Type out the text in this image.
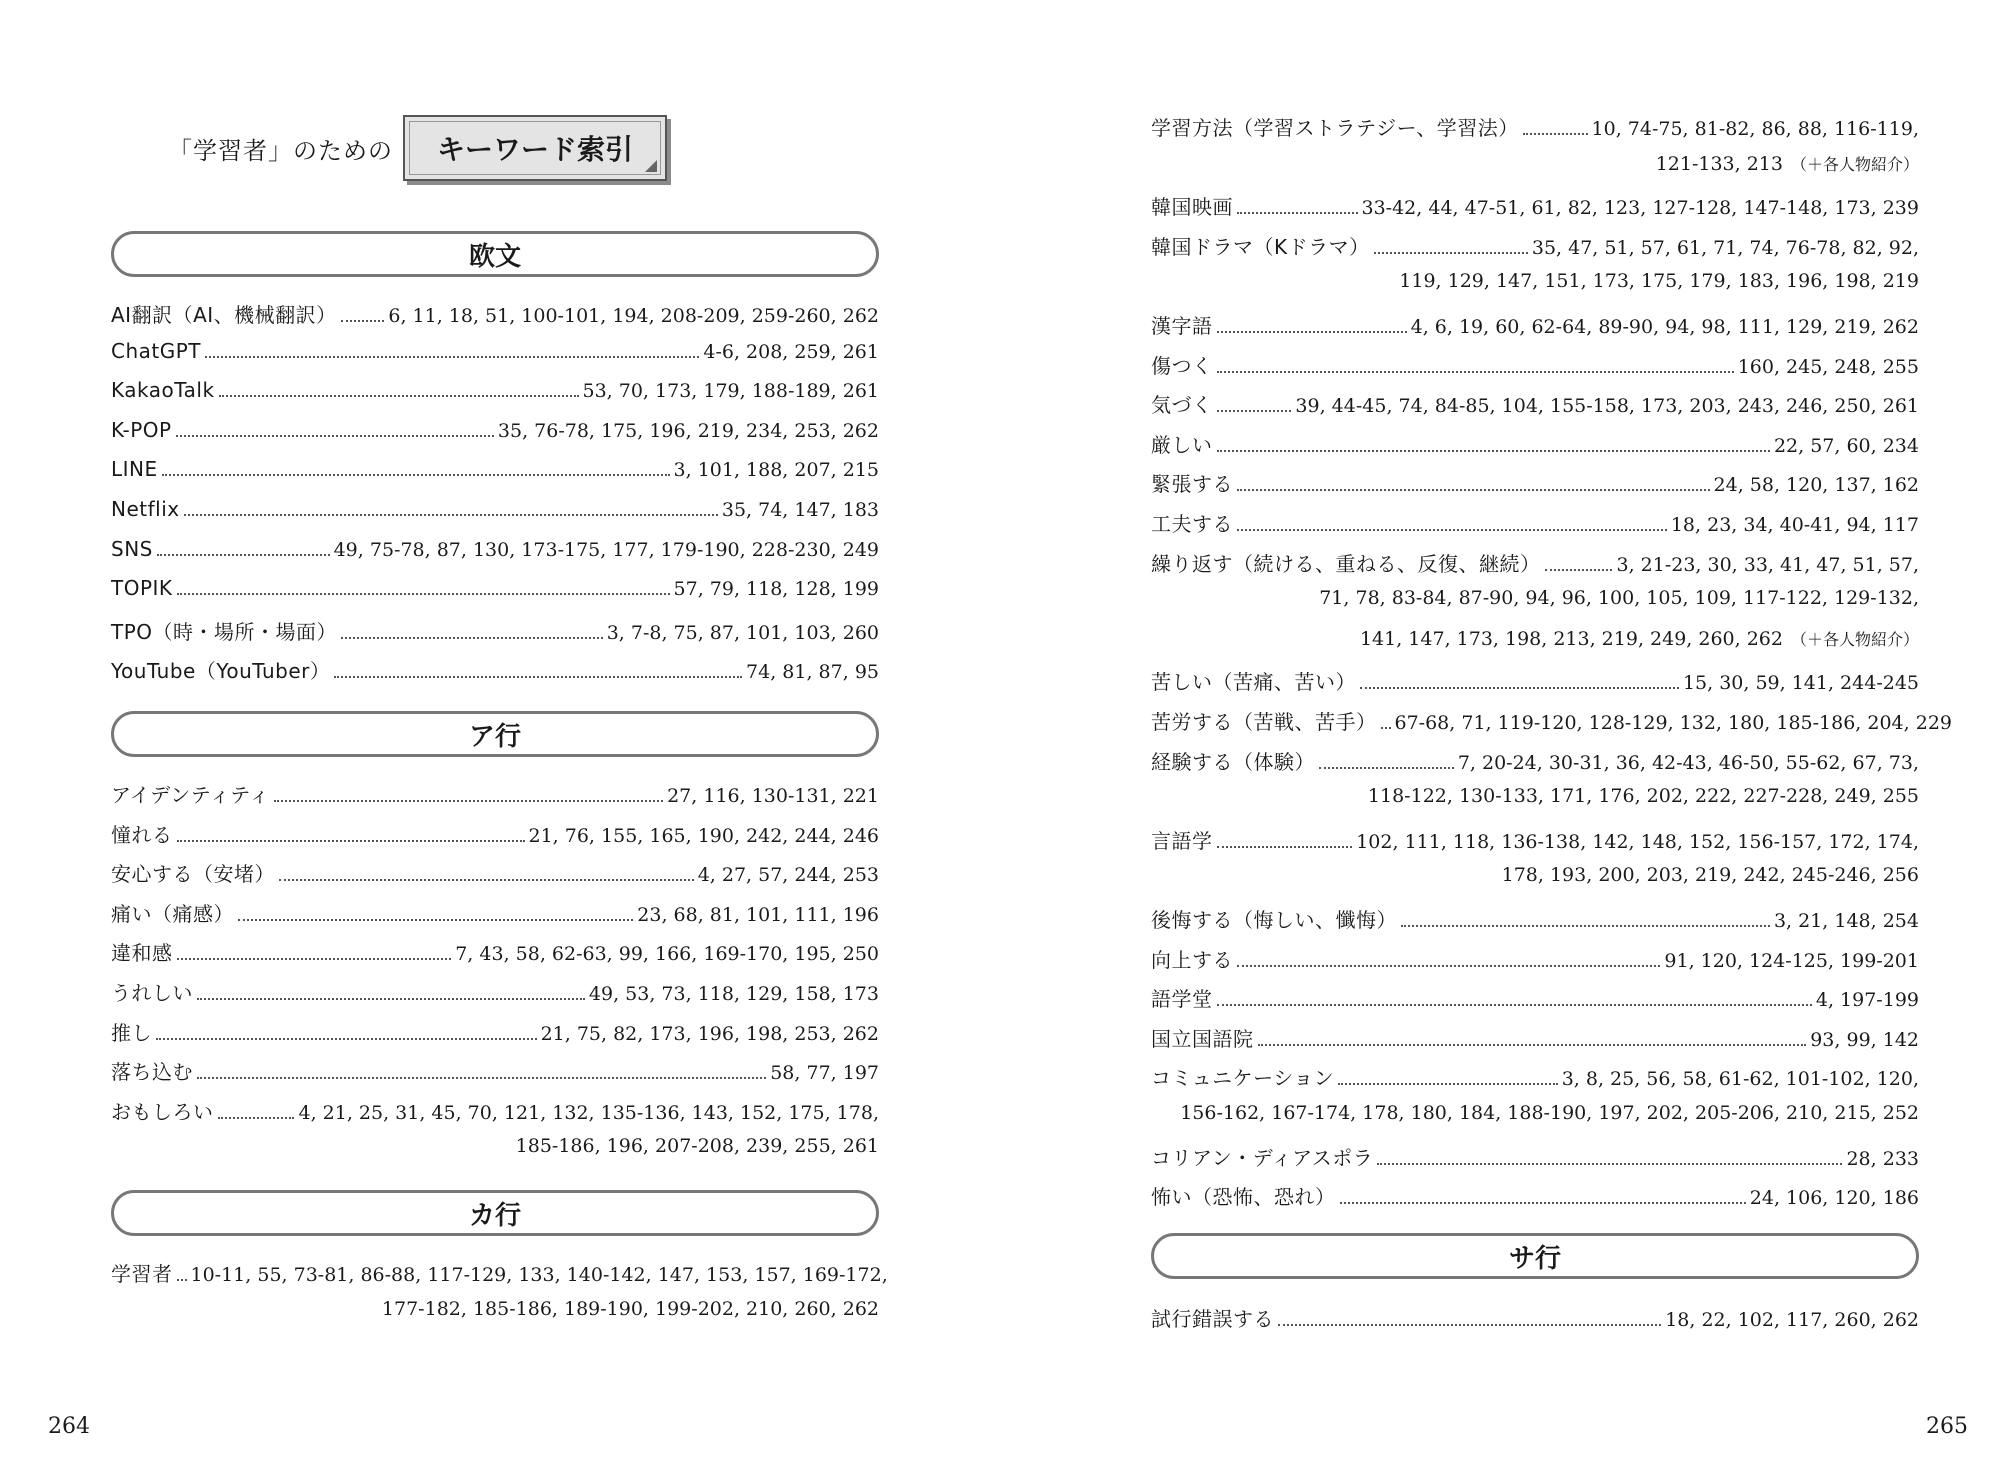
「学習者」のための キーワード索引
欧文
AI翻訳（AI、機械翻訳）	6, 11, 18, 51, 100-101, 194, 208-209, 259-260, 262
ChatGPT	4-6, 208, 259, 261
KakaoTalk	53, 70, 173, 179, 188-189, 261
K-POP	35, 76-78, 175, 196, 219, 234, 253, 262
LINE	3, 101, 188, 207, 215
Netflix	35, 74, 147, 183
SNS	49, 75-78, 87, 130, 173-175, 177, 179-190, 228-230, 249
TOPIK	57, 79, 118, 128, 199
TPO（時・場所・場面）	3, 7-8, 75, 87, 101, 103, 260
YouTube（YouTuber）	74, 81, 87, 95
ア行
アイデンティティ	27, 116, 130-131, 221
憧れる	21, 76, 155, 165, 190, 242, 244, 246
安心する（安堵）	4, 27, 57, 244, 253
痛い（痛感）	23, 68, 81, 101, 111, 196
違和感	7, 43, 58, 62-63, 99, 166, 169-170, 195, 250
うれしい	49, 53, 73, 118, 129, 158, 173
推し	21, 75, 82, 173, 196, 198, 253, 262
落ち込む	58, 77, 197
おもしろい	4, 21, 25, 31, 45, 70, 121, 132, 135-136, 143, 152, 175, 178,
185-186, 196, 207-208, 239, 255, 261
カ行
学習者 10-11, 55, 73-81, 86-88, 117-129, 133, 140-142, 147, 153, 157, 169-172,
177-182, 185-186, 189-190, 199-202, 210, 260, 262
264
学習方法（学習ストラテジー、学習法）	10, 74-75, 81-82, 86, 88, 116-119,
121-133, 213 （＋各人物紹介）
韓国映画	33-42, 44, 47-51, 61, 82, 123, 127-128, 147-148, 173, 239
韓国ドラマ（Kドラマ）	35, 47, 51, 57, 61, 71, 74, 76-78, 82, 92,
119, 129, 147, 151, 173, 175, 179, 183, 196, 198, 219
漢字語	4, 6, 19, 60, 62-64, 89-90, 94, 98, 111, 129, 219, 262
傷つく	160, 245, 248, 255
気づく	39, 44-45, 74, 84-85, 104, 155-158, 173, 203, 243, 246, 250, 261
厳しい	22, 57, 60, 234
緊張する	24, 58, 120, 137, 162
工夫する	18, 23, 34, 40-41, 94, 117
繰り返す（続ける、重ねる、反復、継続）	3, 21-23, 30, 33, 41, 47, 51, 57,
71, 78, 83-84, 87-90, 94, 96, 100, 105, 109, 117-122, 129-132,
141, 147, 173, 198, 213, 219, 249, 260, 262 （＋各人物紹介）
苦しい（苦痛、苦い）	15, 30, 59, 141, 244-245
苦労する（苦戦、苦手） 67-68, 71, 119-120, 128-129, 132, 180, 185-186, 204, 229
経験する（体験）	7, 20-24, 30-31, 36, 42-43, 46-50, 55-62, 67, 73,
118-122, 130-133, 171, 176, 202, 222, 227-228, 249, 255
言語学	102, 111, 118, 136-138, 142, 148, 152, 156-157, 172, 174,
178, 193, 200, 203, 219, 242, 245-246, 256
後悔する（悔しい、懺悔）	3, 21, 148, 254
向上する	91, 120, 124-125, 199-201
語学堂	4, 197-199
国立国語院	93, 99, 142
コミュニケーション	3, 8, 25, 56, 58, 61-62, 101-102, 120,
156-162, 167-174, 178, 180, 184, 188-190, 197, 202, 205-206, 210, 215, 252
コリアン・ディアスポラ	28, 233
怖い（恐怖、恐れ）	24, 106, 120, 186
サ行
試行錯誤する	18, 22, 102, 117, 260, 262
265
